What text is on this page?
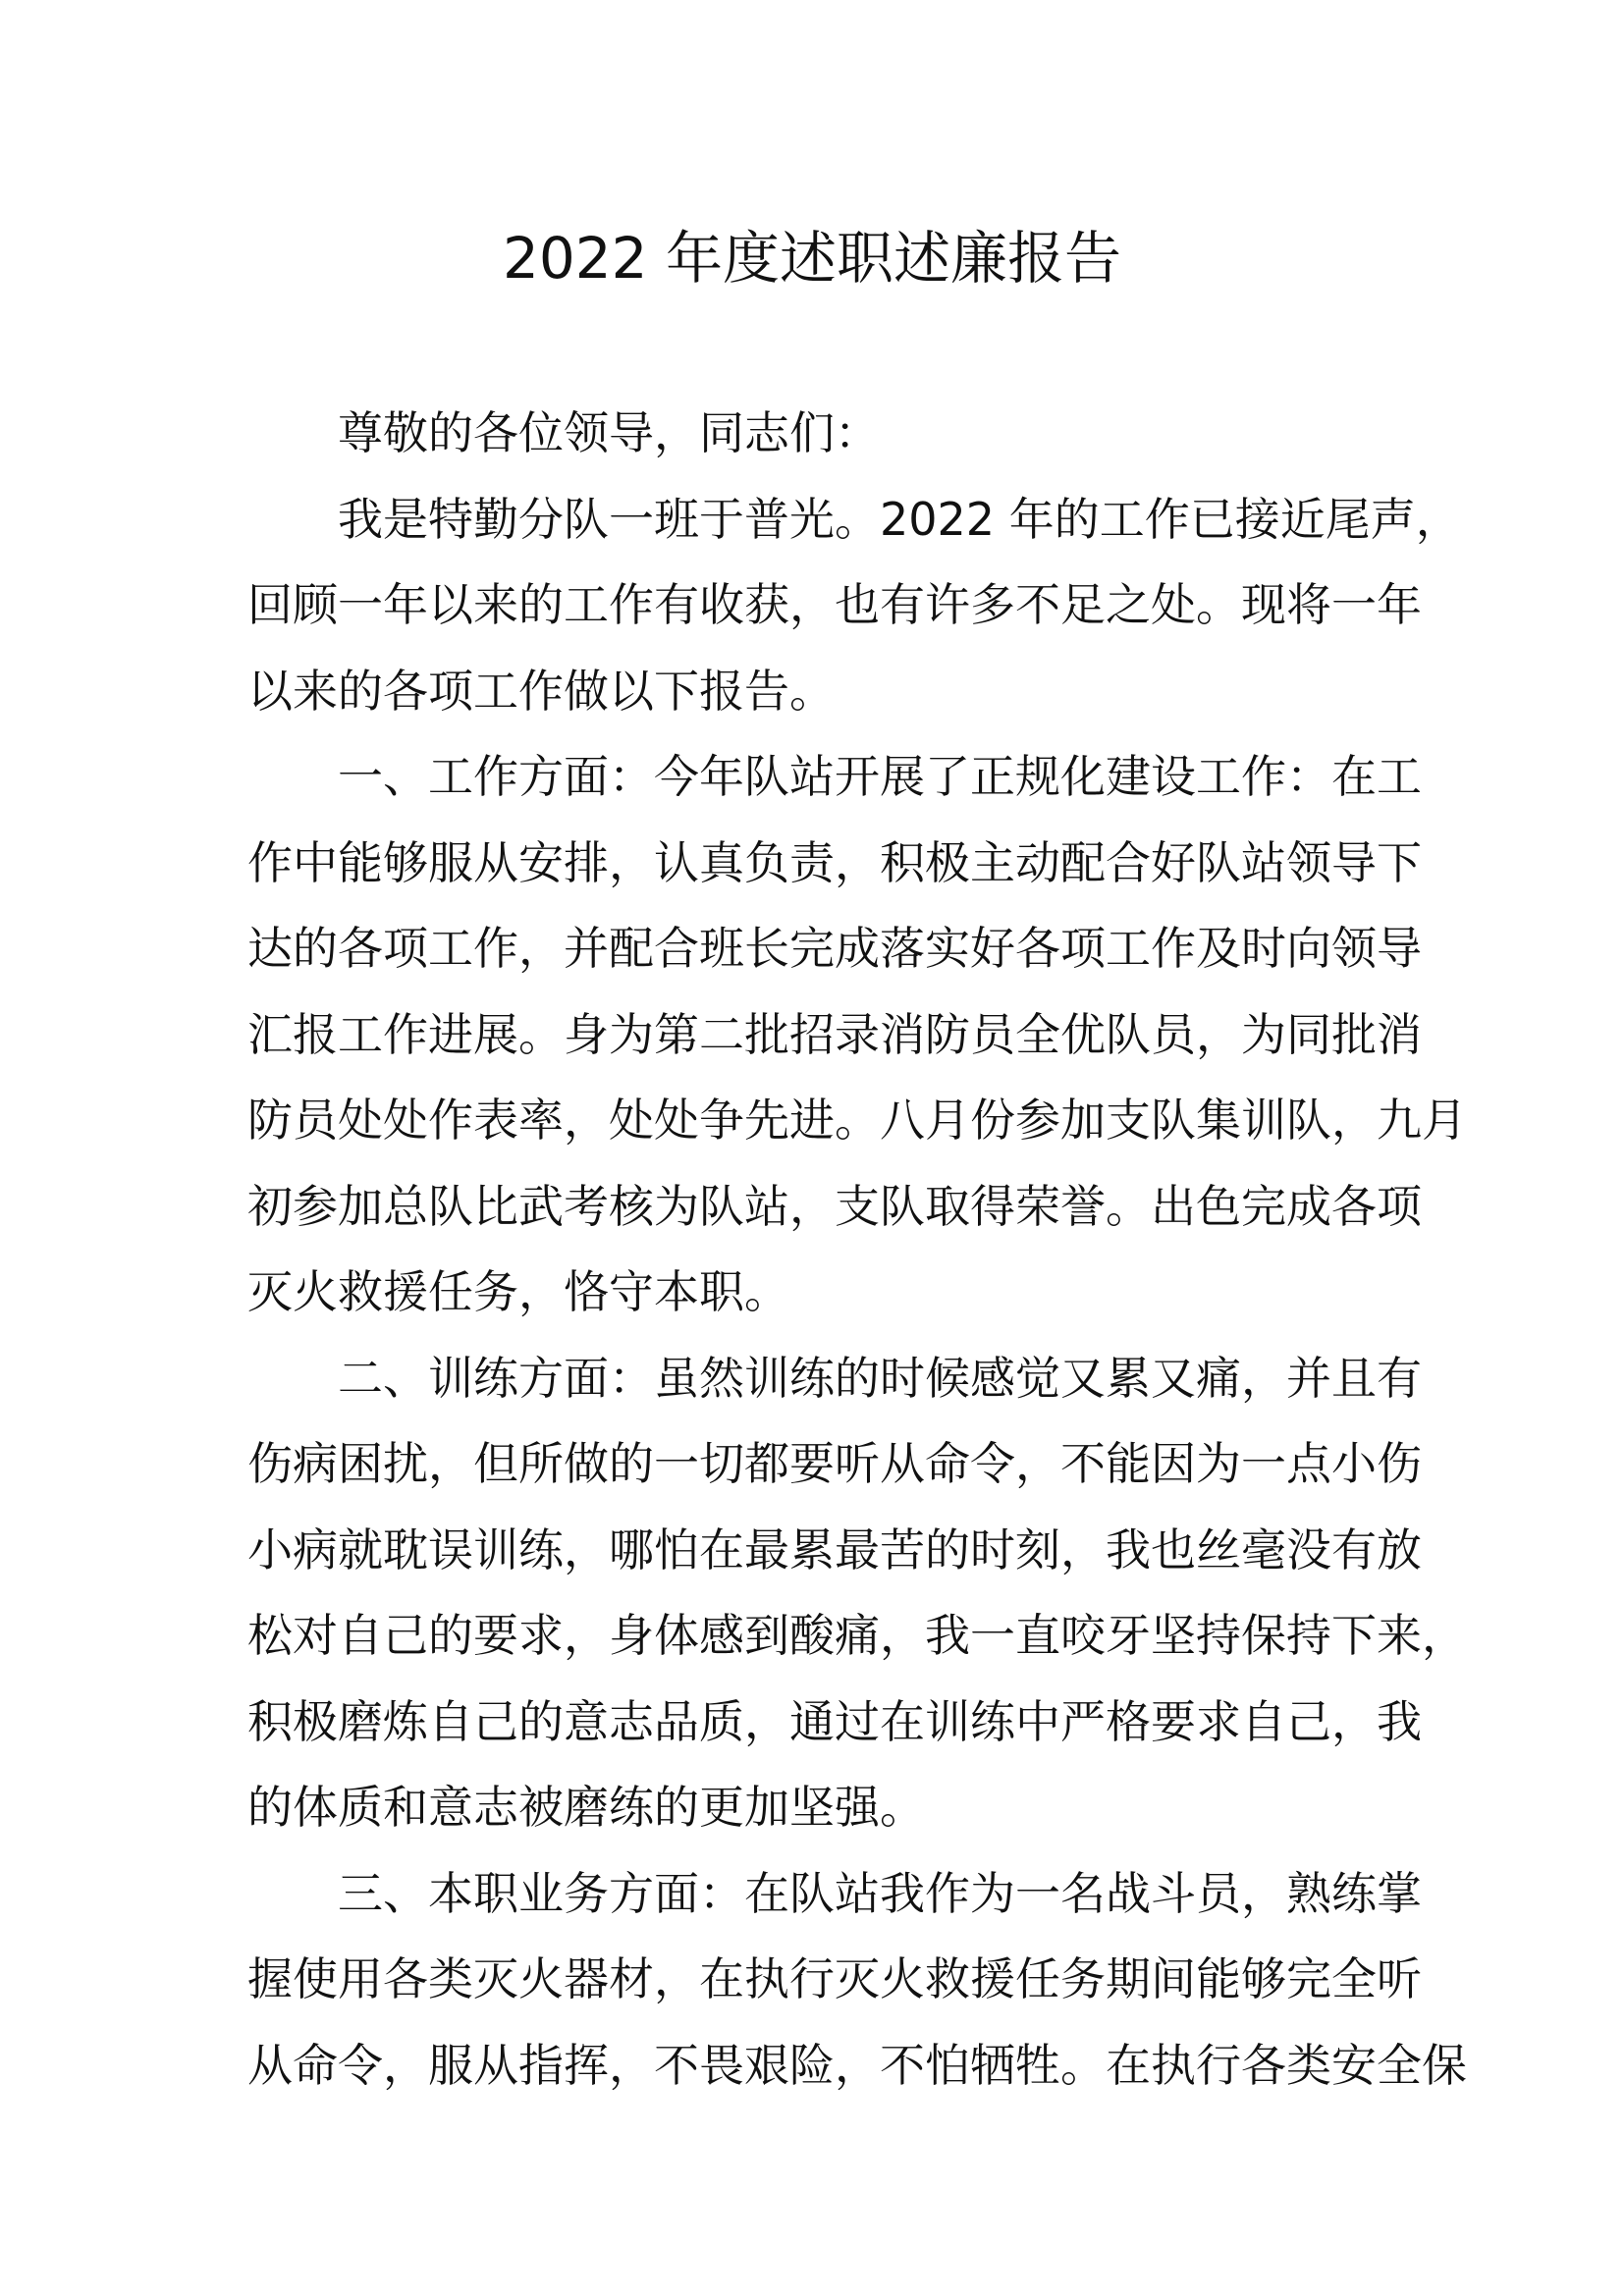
2022 年度述职述廉报告
尊敬的各位领导，同志们：
我是特勤分队一班于普光。2022 年的工作已接近尾声，
回顾一年以来的工作有收获，也有许多不足之处。现将一年
以来的各项工作做以下报告。
一、工作方面：今年队站开展了正规化建设工作：在工
作中能够服从安排，认真负责，积极主动配合好队站领导下
达的各项工作，并配合班长完成落实好各项工作及时向领导
汇报工作进展。身为第二批招录消防员全优队员，为同批消
防员处处作表率，处处争先进。八月份参加支队集训队，九月
初参加总队比武考核为队站，支队取得荣誉。出色完成各项
灭火救援任务，恪守本职。
二、训练方面：虽然训练的时候感觉又累又痛，并且有
伤病困扰，但所做的一切都要听从命令，不能因为一点小伤
小病就耽误训练，哪怕在最累最苦的时刻，我也丝毫没有放
松对自己的要求，身体感到酸痛，我一直咬牙坚持保持下来，
积极磨炼自己的意志品质，通过在训练中严格要求自己，我
的体质和意志被磨练的更加坚强。
三、本职业务方面：在队站我作为一名战斗员，熟练掌
握使用各类灭火器材，在执行灭火救援任务期间能够完全听
从命令，服从指挥，不畏艰险，不怕牺牲。在执行各类安全保
